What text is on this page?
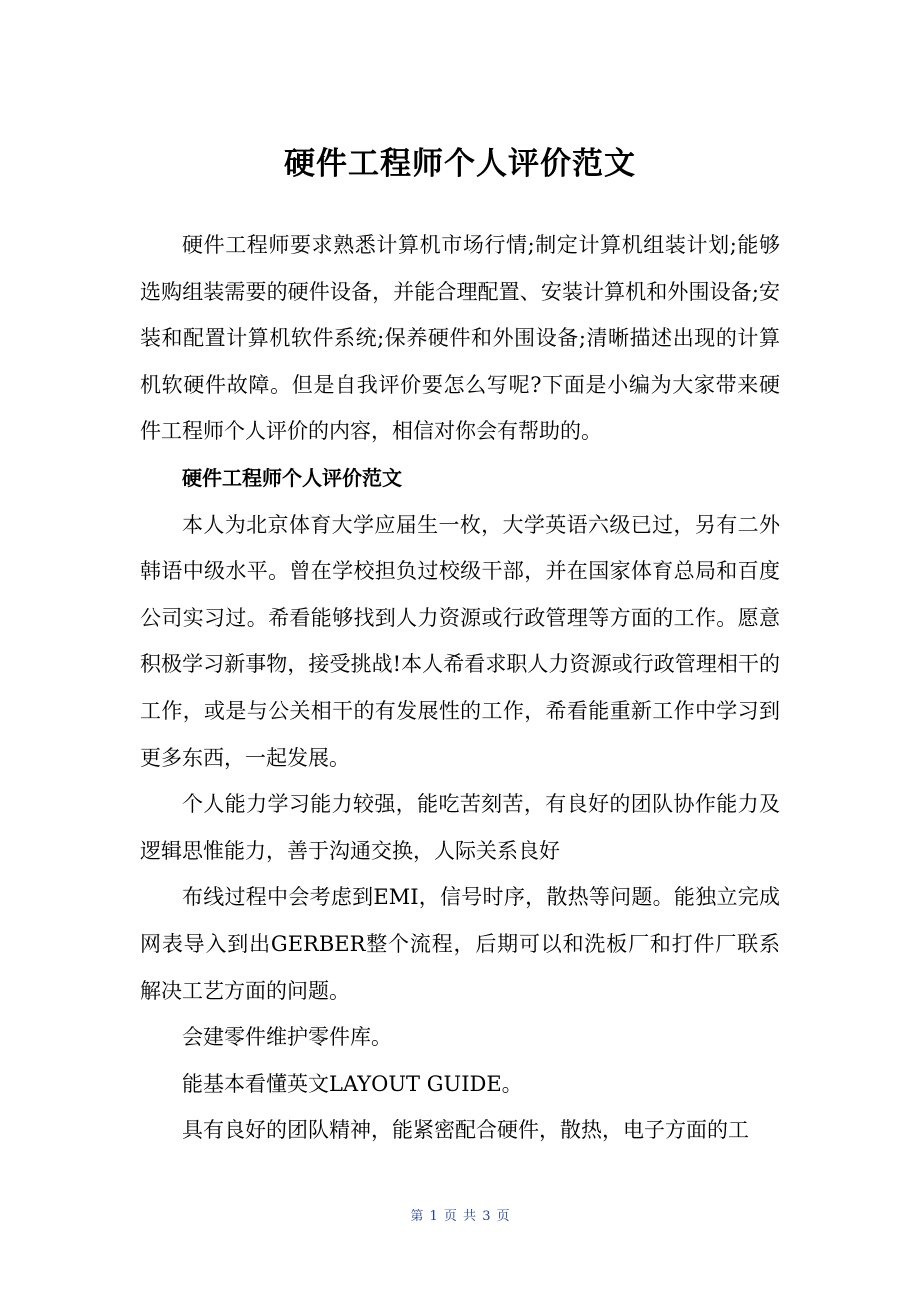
硬件工程师个人评价范文

硬件工程师要求熟悉计算机市场行情;制定计算机组装计划;能够选购组装需要的硬件设备，并能合理配置、安装计算机和外围设备;安装和配置计算机软件系统;保养硬件和外围设备;清晰描述出现的计算机软硬件故障。但是自我评价要怎么写呢?下面是小编为大家带来硬件工程师个人评价的内容，相信对你会有帮助的。

硬件工程师个人评价范文

本人为北京体育大学应届生一枚，大学英语六级已过，另有二外韩语中级水平。曾在学校担负过校级干部，并在国家体育总局和百度公司实习过。希看能够找到人力资源或行政管理等方面的工作。愿意积极学习新事物，接受挑战!本人希看求职人力资源或行政管理相干的工作，或是与公关相干的有发展性的工作，希看能重新工作中学习到更多东西，一起发展。

个人能力学习能力较强，能吃苦刻苦，有良好的团队协作能力及逻辑思惟能力，善于沟通交换，人际关系良好

布线过程中会考虑到EMI，信号时序，散热等问题。能独立完成网表导入到出GERBER整个流程，后期可以和洗板厂和打件厂联系解决工艺方面的问题。

会建零件维护零件库。

能基本看懂英文LAYOUT GUIDE。

具有良好的团队精神，能紧密配合硬件，散热，电子方面的工

第 1 页 共 3 页
